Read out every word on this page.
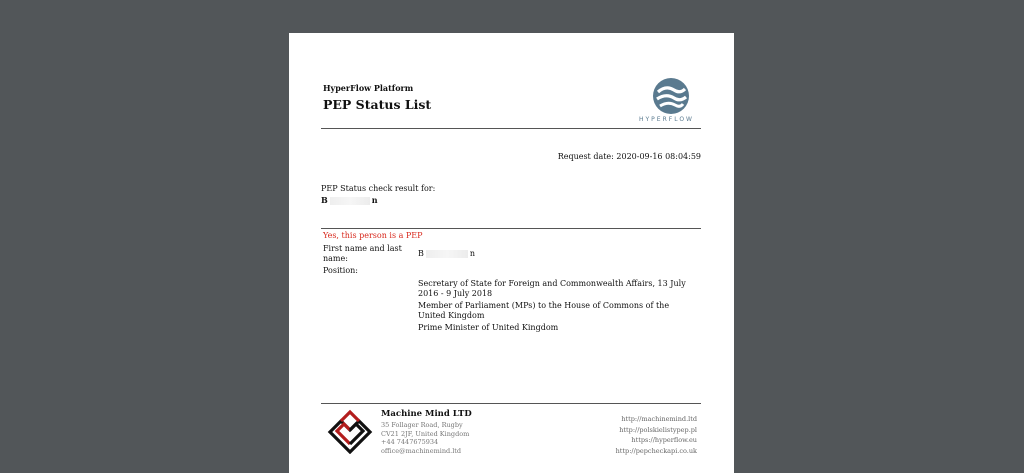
HyperFlow Platform
PEP Status List
HYPERFLOW
Request date: 2020-09-16 08:04:59
PEP Status check result for:
B	n
Yes, this person is a PEP
First name and last name:
B	n
Position:
Secretary of State for Foreign and Commonwealth Affairs, 13 July 2016 - 9 July 2018
Member of Parliament (MPs) to the House of Commons of the United Kingdom
Prime Minister of United Kingdom
Machine Mind LTD
35 Follager Road, Rugby
CV21 2JF, United Kingdom
+44 7447675934
office@machinemind.ltd
http://machinemind.ltd
http://polskielistypep.pl
https://hyperflow.eu
http://pepcheckapi.co.uk
